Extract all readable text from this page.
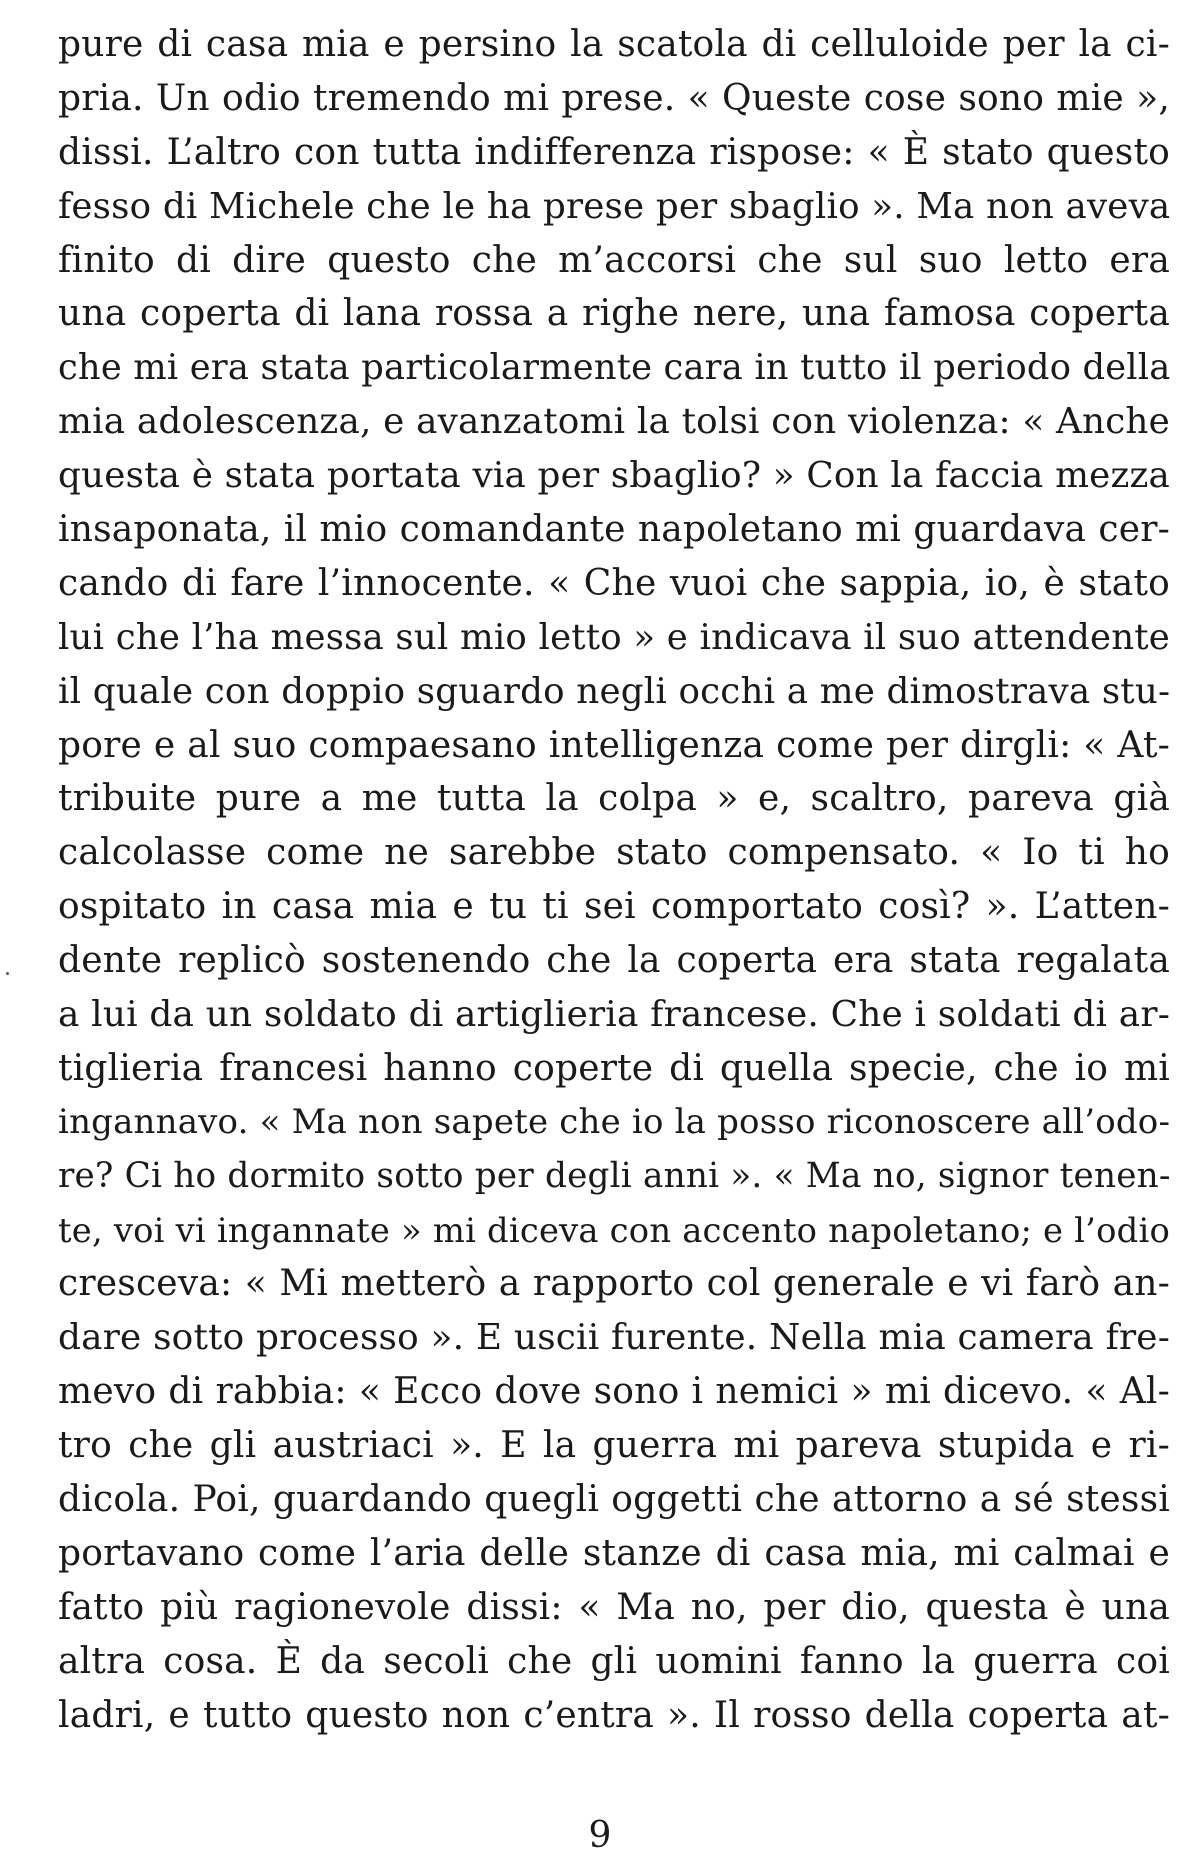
pure di casa mia e persino la scatola di celluloide per la ci-
pria. Un odio tremendo mi prese. « Queste cose sono mie »,
dissi. L’altro con tutta indifferenza rispose: « È stato questo
fesso di Michele che le ha prese per sbaglio ». Ma non aveva
finito di dire questo che m’accorsi che sul suo letto era
una coperta di lana rossa a righe nere, una famosa coperta
che mi era stata particolarmente cara in tutto il periodo della
mia adolescenza, e avanzatomi la tolsi con violenza: « Anche
questa è stata portata via per sbaglio? » Con la faccia mezza
insaponata, il mio comandante napoletano mi guardava cer-
cando di fare l’innocente. « Che vuoi che sappia, io, è stato
lui che l’ha messa sul mio letto » e indicava il suo attendente
il quale con doppio sguardo negli occhi a me dimostrava stu-
pore e al suo compaesano intelligenza come per dirgli: « At-
tribuite pure a me tutta la colpa » e, scaltro, pareva già
calcolasse come ne sarebbe stato compensato. « Io ti ho
ospitato in casa mia e tu ti sei comportato così? ». L’atten-
dente replicò sostenendo che la coperta era stata regalata
a lui da un soldato di artiglieria francese. Che i soldati di ar-
tiglieria francesi hanno coperte di quella specie, che io mi
ingannavo. « Ma non sapete che io la posso riconoscere all’odo-
re? Ci ho dormito sotto per degli anni ». « Ma no, signor tenen-
te, voi vi ingannate » mi diceva con accento napoletano; e l’odio
cresceva: « Mi metterò a rapporto col generale e vi farò an-
dare sotto processo ». E uscii furente. Nella mia camera fre-
mevo di rabbia: « Ecco dove sono i nemici » mi dicevo. « Al-
tro che gli austriaci ». E la guerra mi pareva stupida e ri-
dicola. Poi, guardando quegli oggetti che attorno a sé stessi
portavano come l’aria delle stanze di casa mia, mi calmai e
fatto più ragionevole dissi: « Ma no, per dio, questa è una
altra cosa. È da secoli che gli uomini fanno la guerra coi
ladri, e tutto questo non c’entra ». Il rosso della coperta at-
9
